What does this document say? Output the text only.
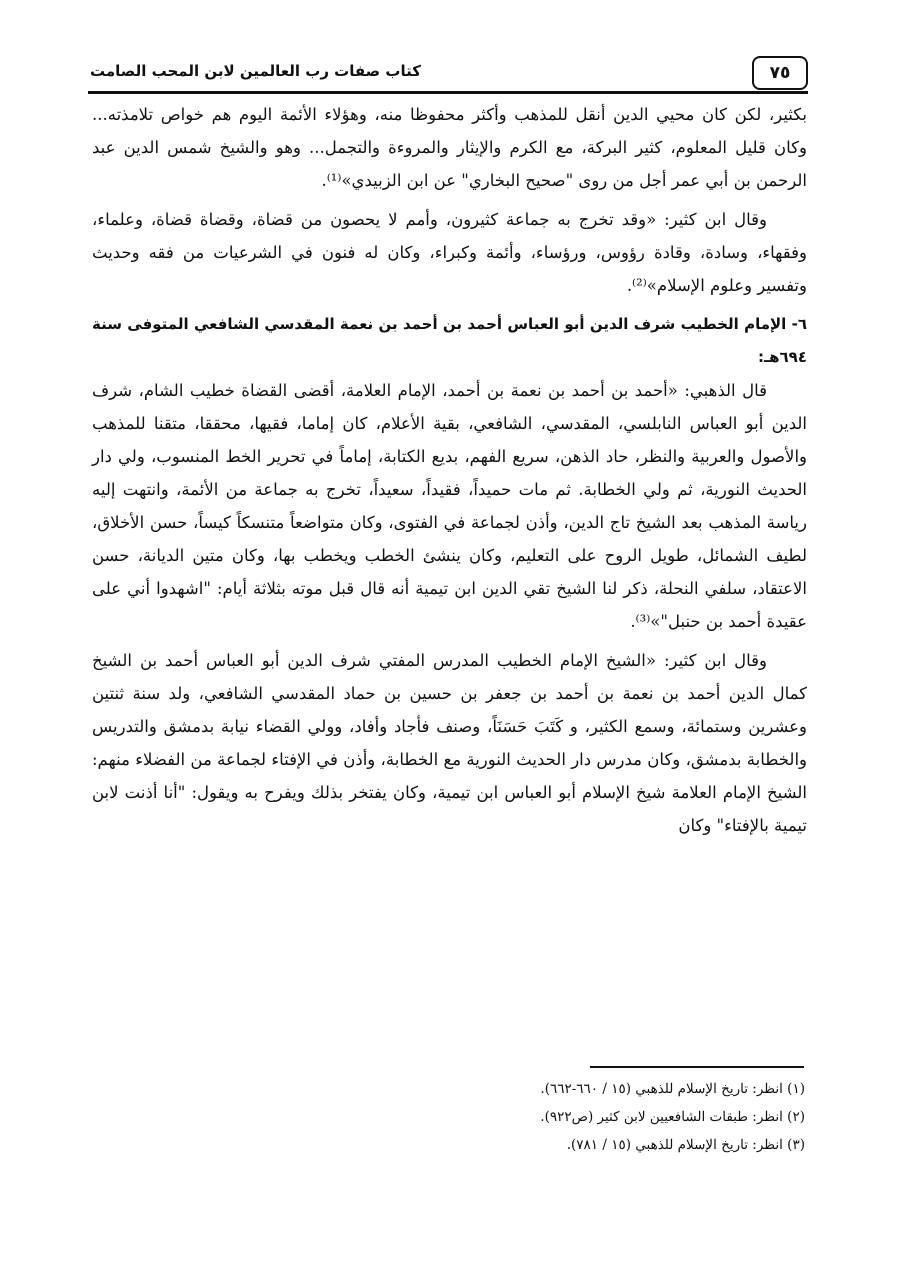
٧٥
كتاب صفات رب العالمين لابن المحب الصامت

بكثير، لكن كان محيي الدين أنقل للمذهب وأكثر محفوظا منه، وهؤلاء الأئمة اليوم هم خواص تلامذته... وكان قليل المعلوم، كثير البركة، مع الكرم والإيثار والمروءة والتجمل... وهو والشيخ شمس الدين عبد الرحمن بن أبي عمر أجل من روى "صحيح البخاري" عن ابن الزبيدي»⁽¹⁾.

وقال ابن كثير: «وقد تخرج به جماعة كثيرون، وأمم لا يحصون من قضاة، وقضاة قضاة، وعلماء، وفقهاء، وسادة، وقادة رؤوس، ورؤساء، وأئمة وكبراء، وكان له فنون في الشرعيات من فقه وحديث وتفسير وعلوم الإسلام»⁽²⁾.

٦- الإمام الخطيب شرف الدين أبو العباس أحمد بن أحمد بن نعمة المقدسي الشافعي المتوفى سنة ٦٩٤هـ:

قال الذهبي: «أحمد بن أحمد بن نعمة بن أحمد، الإمام العلامة، أقضى القضاة خطيب الشام، شرف الدين أبو العباس النابلسي، المقدسي، الشافعي، بقية الأعلام، كان إماما، فقيها، محققا، متقنا للمذهب والأصول والعربية والنظر، حاد الذهن، سريع الفهم، بديع الكتابة، إماماً في تحرير الخط المنسوب، ولي دار الحديث النورية، ثم ولي الخطابة. ثم مات حميداً، فقيداً، سعيداً، تخرج به جماعة من الأئمة، وانتهت إليه رياسة المذهب بعد الشيخ تاج الدين، وأذن لجماعة في الفتوى، وكان متواضعاً متنسكاً كيساً، حسن الأخلاق، لطيف الشمائل، طويل الروح على التعليم، وكان ينشئ الخطب ويخطب بها، وكان متين الديانة، حسن الاعتقاد، سلفي النحلة، ذكر لنا الشيخ تقي الدين ابن تيمية أنه قال قبل موته بثلاثة أيام: "اشهدوا أني على عقيدة أحمد بن حنبل"»⁽³⁾.

وقال ابن كثير: «الشيخ الإمام الخطيب المدرس المفتي شرف الدين أبو العباس أحمد بن الشيخ كمال الدين أحمد بن نعمة بن أحمد بن جعفر بن حسين بن حماد المقدسي الشافعي، ولد سنة ثنتين وعشرين وستمائة، وسمع الكثير، و كَتَبَ حَسَنَاً، وصنف فأجاد وأفاد، وولي القضاء نيابة بدمشق والتدريس والخطابة بدمشق، وكان مدرس دار الحديث النورية مع الخطابة، وأذن في الإفتاء لجماعة من الفضلاء منهم: الشيخ الإمام العلامة شيخ الإسلام أبو العباس ابن تيمية، وكان يفتخر بذلك ويفرح به ويقول: "أنا أذنت لابن تيمية بالإفتاء" وكان

(١) انظر: تاريخ الإسلام للذهبي (١٥ / ٦٦٠-٦٦٢).

(٢) انظر: طبقات الشافعيين لابن كثير (ص٩٢٢).

(٣) انظر: تاريخ الإسلام للذهبي (١٥ / ٧٨١).
